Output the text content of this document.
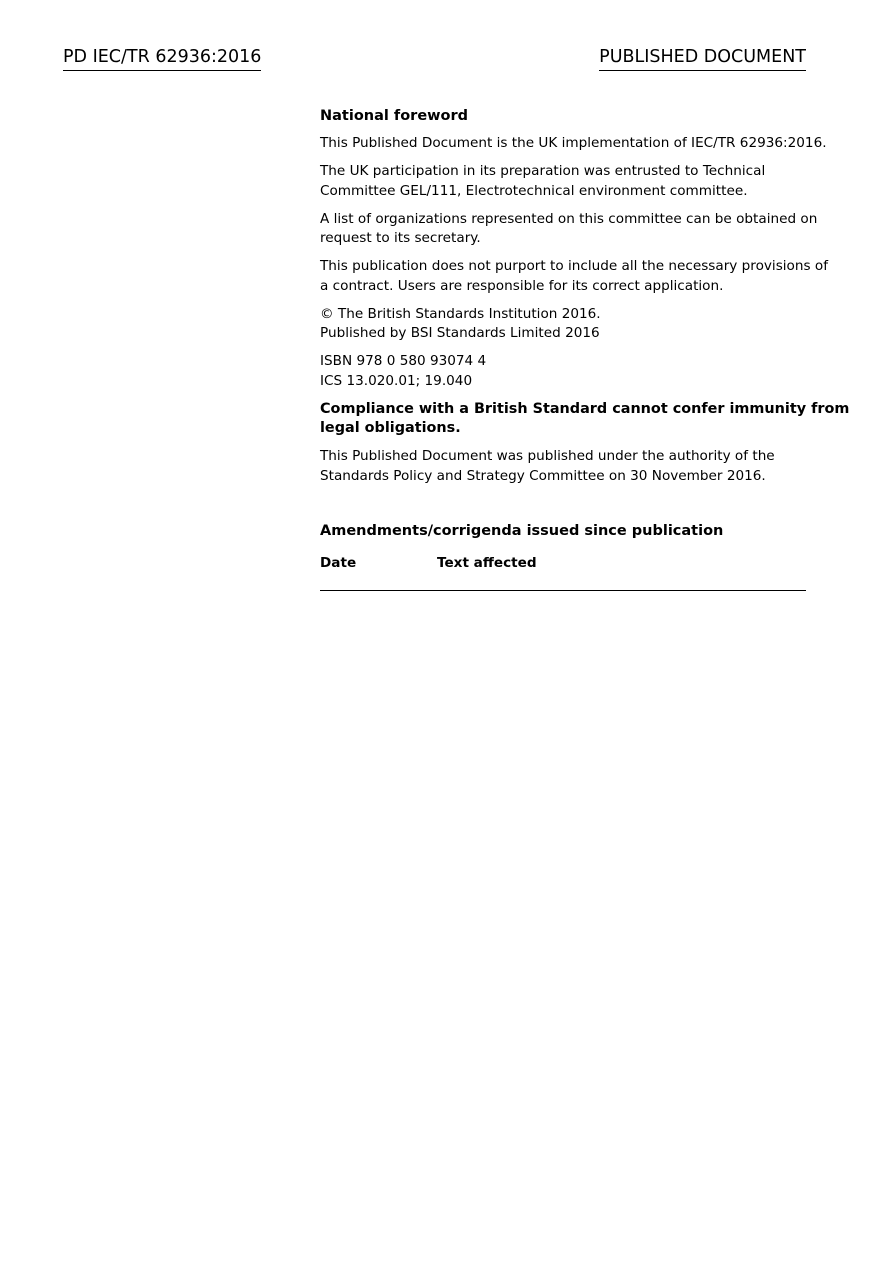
PD IEC/TR 62936:2016	PUBLISHED DOCUMENT
National foreword
This Published Document is the UK implementation of IEC/TR 62936:2016.
The UK participation in its preparation was entrusted to Technical
Committee GEL/111, Electrotechnical environment committee.
A list of organizations represented on this committee can be obtained on
request to its secretary.
This publication does not purport to include all the necessary provisions of
a contract. Users are responsible for its correct application.
© The British Standards Institution 2016.
Published by BSI Standards Limited 2016
ISBN 978 0 580 93074 4
ICS 13.020.01; 19.040
Compliance with a British Standard cannot confer immunity from
legal obligations.
This Published Document was published under the authority of the
Standards Policy and Strategy Committee on 30 November 2016.
Amendments/corrigenda issued since publication
Date	Text affected
